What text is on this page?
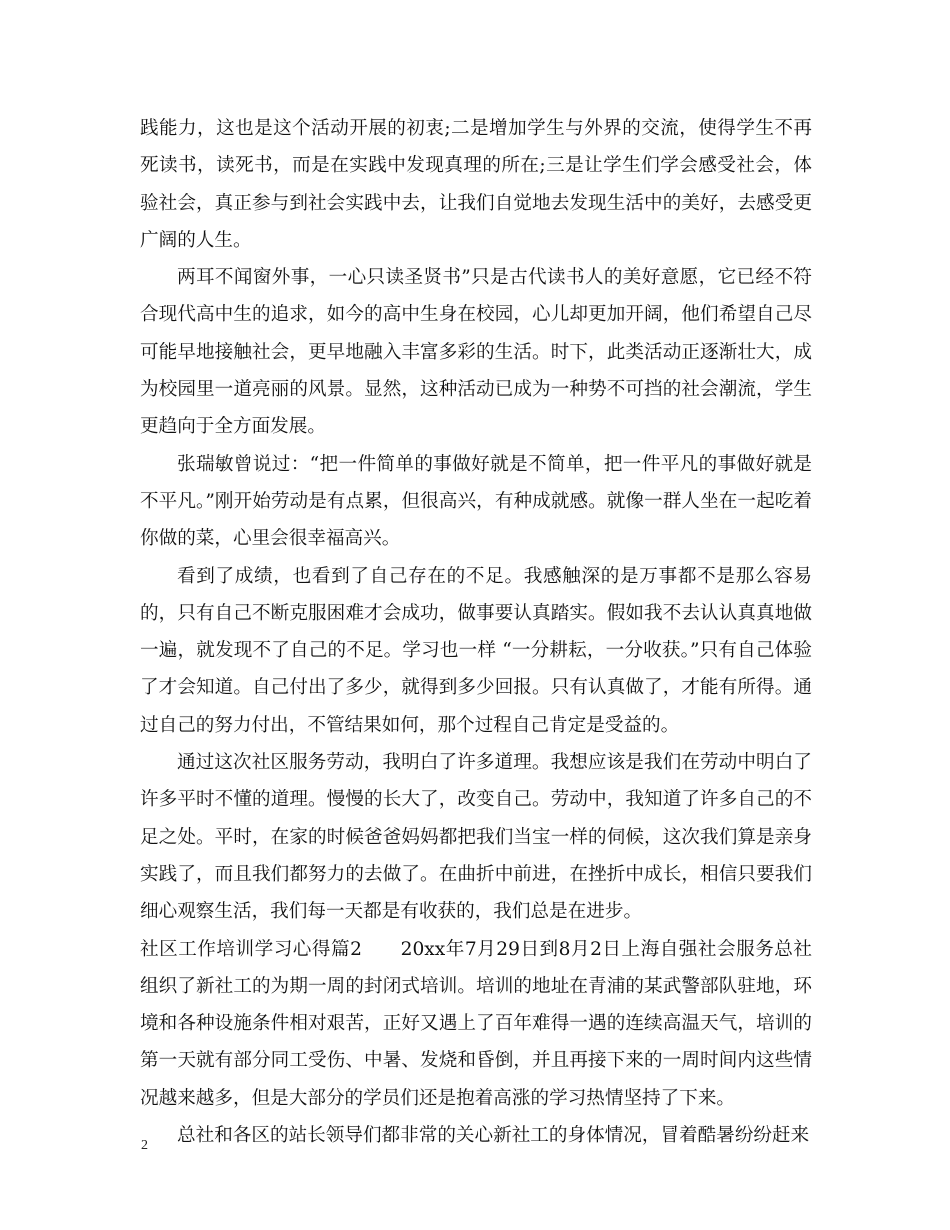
践能力，这也是这个活动开展的初衷;二是增加学生与外界的交流，使得学生不再死读书，读死书，而是在实践中发现真理的所在;三是让学生们学会感受社会，体验社会，真正参与到社会实践中去，让我们自觉地去发现生活中的美好，去感受更广阔的人生。

两耳不闻窗外事，一心只读圣贤书”只是古代读书人的美好意愿，它已经不符合现代高中生的追求，如今的高中生身在校园，心儿却更加开阔，他们希望自己尽可能早地接触社会，更早地融入丰富多彩的生活。时下，此类活动正逐渐壮大，成为校园里一道亮丽的风景。显然，这种活动已成为一种势不可挡的社会潮流，学生更趋向于全方面发展。

张瑞敏曾说过：“把一件简单的事做好就是不简单，把一件平凡的事做好就是不平凡。”刚开始劳动是有点累，但很高兴，有种成就感。就像一群人坐在一起吃着你做的菜，心里会很幸福高兴。

看到了成绩，也看到了自己存在的不足。我感触深的是万事都不是那么容易的，只有自己不断克服困难才会成功，做事要认真踏实。假如我不去认认真真地做一遍，就发现不了自己的不足。学习也一样 “一分耕耘，一分收获。”只有自己体验了才会知道。自己付出了多少，就得到多少回报。只有认真做了，才能有所得。通过自己的努力付出，不管结果如何，那个过程自己肯定是受益的。

通过这次社区服务劳动，我明白了许多道理。我想应该是我们在劳动中明白了许多平时不懂的道理。慢慢的长大了，改变自己。劳动中，我知道了许多自己的不足之处。平时，在家的时候爸爸妈妈都把我们当宝一样的伺候，这次我们算是亲身实践了，而且我们都努力的去做了。在曲折中前进，在挫折中成长，相信只要我们细心观察生活，我们每一天都是有收获的，我们总是在进步。

社区工作培训学习心得篇2　　20xx年7月29日到8月2日上海自强社会服务总社组织了新社工的为期一周的封闭式培训。培训的地址在青浦的某武警部队驻地，环境和各种设施条件相对艰苦，正好又遇上了百年难得一遇的连续高温天气，培训的第一天就有部分同工受伤、中暑、发烧和昏倒，并且再接下来的一周时间内这些情况越来越多，但是大部分的学员们还是抱着高涨的学习热情坚持了下来。

总社和各区的站长领导们都非常的关心新社工的身体情况，冒着酷暑纷纷赶来

2
